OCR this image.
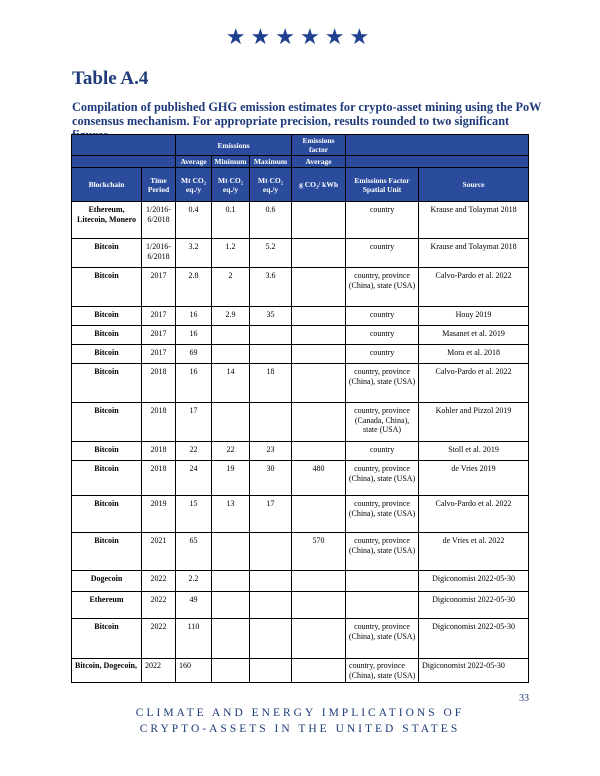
★★★★★★
Table A.4
Compilation of published GHG emission estimates for crypto-asset mining using the PoW consensus mechanism. For appropriate precision, results rounded to two significant
		Emissions			Emissions factor		
		Average	Minimum	Maximum	Average		
Blockchain	Time Period	Mt CO₂ eq./y	Mt CO₂ eq./y	Mt CO₂ eq./y	g CO₂/ kWh	Emissions Factor Spatial Unit	Source
Ethereum, Litecoin, Monero	1/2016-6/2018	0.4	0.1	0.6		country	Krause and Tolaymat 2018
Bitcoin	1/2016-6/2018	3.2	1.2	5.2		country	Krause and Tolaymat 2018
Bitcoin	2017	2.8	2	3.6		country, province (China), state (USA)	Calvo-Pardo et al. 2022
Bitcoin	2017	16	2.9	35		country	Houy 2019
Bitcoin	2017	16				country	Masanet et al. 2019
Bitcoin	2017	69				country	Mora et al. 2018
Bitcoin	2018	16	14	18		country, province (China), state (USA)	Calvo-Pardo et al. 2022
Bitcoin	2018	17				country, province (Canada, China), state (USA)	Kohler and Pizzol 2019
Bitcoin	2018	22	22	23		country	Stoll et al. 2019
Bitcoin	2018	24	19	30	480	country, province (China), state (USA)	de Vries 2019
Bitcoin	2019	15	13	17		country, province (China), state (USA)	Calvo-Pardo et al. 2022
Bitcoin	2021	65			570	country, province (China), state (USA)	de Vries et al. 2022
Dogecoin	2022	2.2					Digiconomist 2022-05-30
Ethereum	2022	49					Digiconomist 2022-05-30
Bitcoin	2022	110				country, province (China), state (USA)	Digiconomist 2022-05-30
Bitcoin, Dogecoin,	2022	160				country, province (China), state (USA)	Digiconomist 2022-05-30
33
CLIMATE AND ENERGY IMPLICATIONS OF
CRYPTO-ASSETS IN THE UNITED STATES
